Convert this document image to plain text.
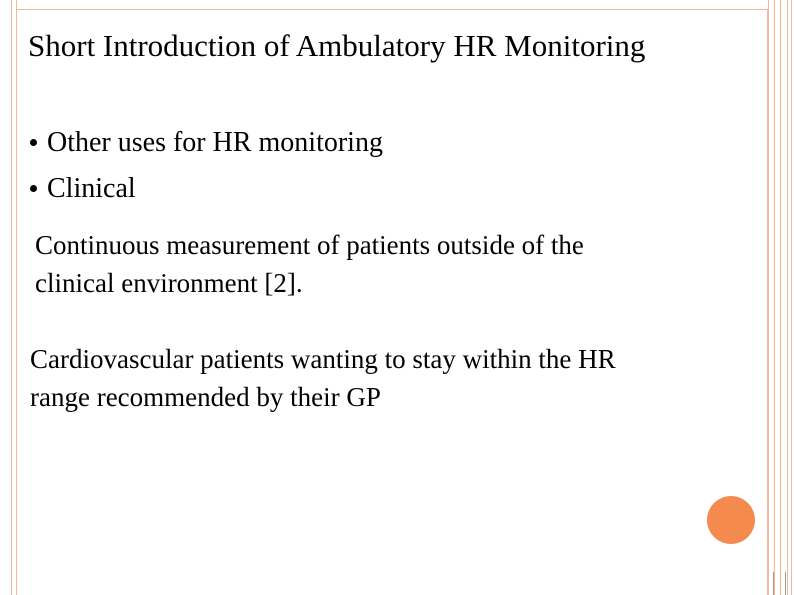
Short Introduction of Ambulatory HR Monitoring
Other uses for HR monitoring
Clinical
Continuous measurement of patients outside of the
clinical environment [2].
Cardiovascular patients wanting to stay within the HR
range recommended by their GP
